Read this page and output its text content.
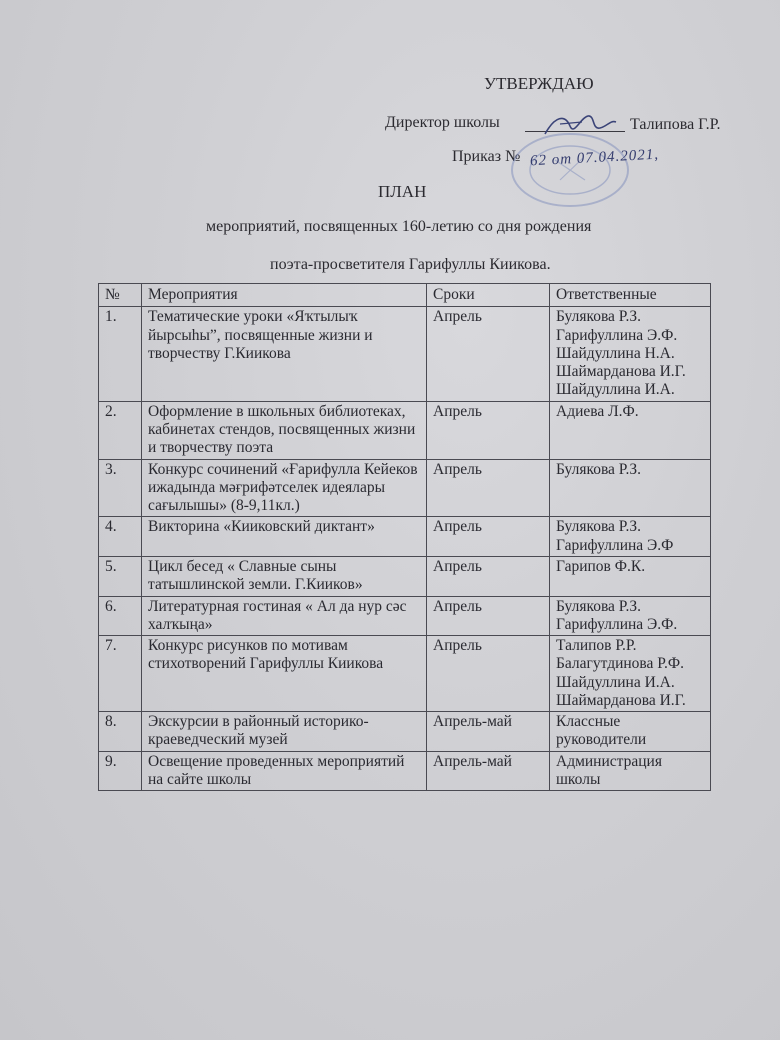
УТВЕРЖДАЮ
Директор школы	Талипова Г.Р.
Приказ № 62 от 07.04.2021,
ПЛАН
мероприятий, посвященных 160-летию со дня рождения
поэта-просветителя Гарифуллы Киикова.
№	Мероприятия	Сроки	Ответственные
1.	Тематические уроки «Яҡтылыҡ йырсыһы”, посвященные жизни и творчеству Г.Киикова	Апрель	Булякова Р.З.
Гарифуллина Э.Ф.
Шайдуллина Н.А.
Шаймарданова И.Г.
Шайдуллина И.А.

2.	Оформление в школьных библиотеках, кабинетах стендов, посвященных жизни и творчеству поэта	Апрель	Адиева Л.Ф.

3.	Конкурс сочинений «Ғарифулла Кейеков ижадында мәғрифәтселек идеялары сағылышы» (8-9,11кл.)	Апрель	Булякова Р.З.

4.	Викторина «Кииковский диктант»	Апрель	Булякова Р.З.
Гарифуллина Э.Ф

5.	Цикл бесед « Славные сыны татышлинской земли. Г.Кииков»	Апрель	Гарипов Ф.К.

6.	Литературная гостиная « Ал да нур сәс халҡыңа»	Апрель	Булякова Р.З.
Гарифуллина Э.Ф.

7.	Конкурс рисунков по мотивам стихотворений Гарифуллы Киикова	Апрель	Талипов Р.Р.
Балагутдинова Р.Ф.
Шайдуллина И.А.
Шаймарданова И.Г.

8.	Экскурсии в районный историко-краеведческий музей	Апрель-май	Классные руководители

9.	Освещение проведенных мероприятий на сайте школы	Апрель-май	Администрация школы
